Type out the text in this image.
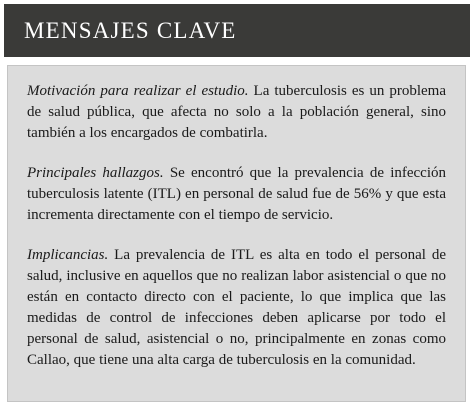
MENSAJES CLAVE

Motivación para realizar el estudio. La tuberculosis es un problema de salud pública, que afecta no solo a la población general, sino también a los encargados de combatirla.

Principales hallazgos. Se encontró que la prevalencia de infección tuberculosis latente (ITL) en personal de salud fue de 56% y que esta incrementa directamente con el tiempo de servicio.

Implicancias. La prevalencia de ITL es alta en todo el personal de salud, inclusive en aquellos que no realizan labor asistencial o que no están en contacto directo con el paciente, lo que implica que las medidas de control de infecciones deben aplicarse por todo el personal de salud, asistencial o no, principalmente en zonas como Callao, que tiene una alta carga de tuberculosis en la comunidad.
